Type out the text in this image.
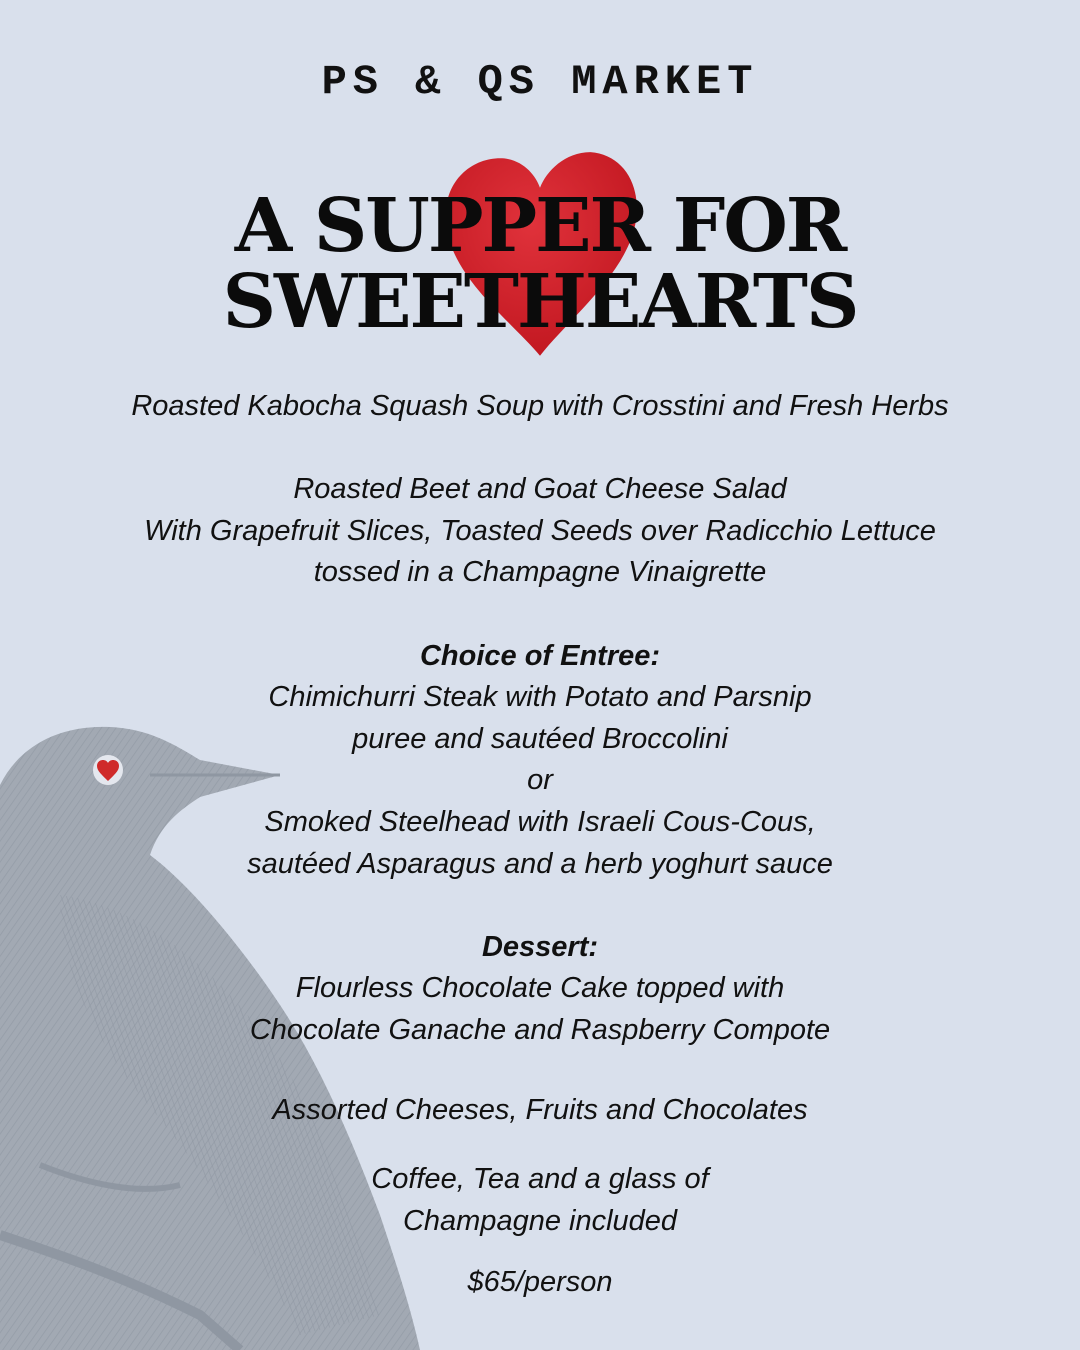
PS & QS MARKET
A SUPPER FOR
SWEETHEARTS
Roasted Kabocha Squash Soup with Crosstini and Fresh Herbs
Roasted Beet and Goat Cheese Salad
With Grapefruit Slices, Toasted Seeds over Radicchio Lettuce
tossed in a Champagne Vinaigrette
Choice of Entree:
Chimichurri Steak with Potato and Parsnip
puree and sautéed Broccolini
or
Smoked Steelhead with Israeli Cous-Cous,
sautéed Asparagus and a herb yoghurt sauce
Dessert:
Flourless Chocolate Cake topped with
Chocolate Ganache and Raspberry Compote
Assorted Cheeses, Fruits and Chocolates
Coffee, Tea and a glass of
Champagne included
$65/person
